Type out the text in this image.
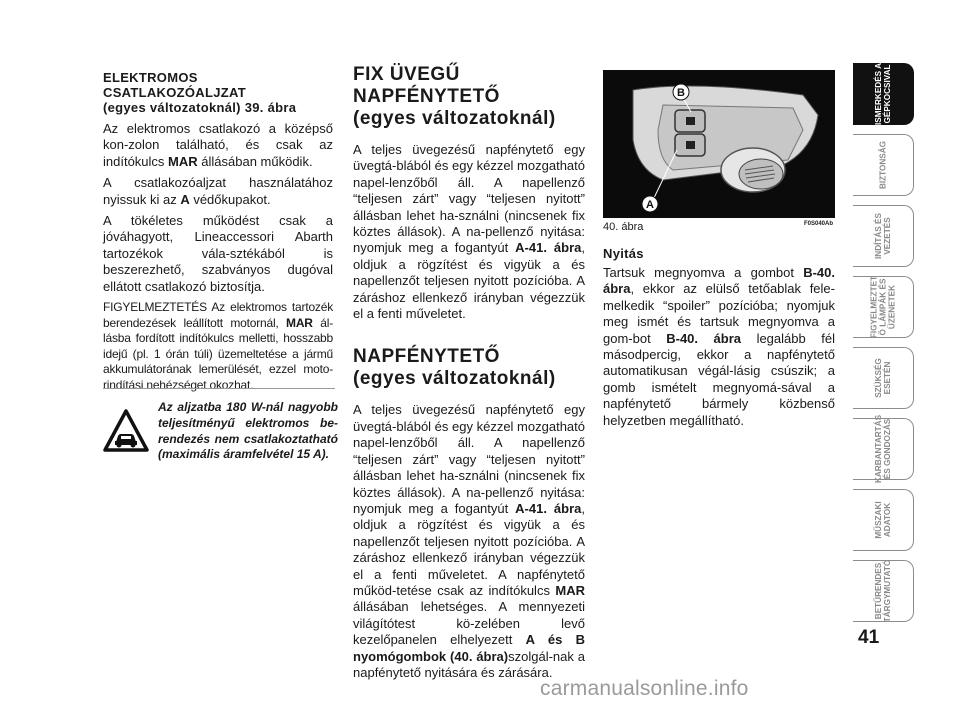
ELEKTROMOS
CSATLAKOZÓALJZAT
(egyes változatoknál) 39. ábra

Az elektromos csatlakozó a középső kon-zolon található, és csak az indítókulcs MAR állásában működik.

A csatlakozóaljzat használatához nyissuk ki az A védőkupakot.

A tökéletes működést csak a jóváhagyott, Lineaccessori Abarth tartozékok vála-sztékából is beszerezhető, szabványos dugóval ellátott csatlakozó biztosítja.

FIGYELMEZTETÉS Az elektromos tartozék berendezések leállított motornál, MAR ál-lásba fordított indítókulcs melletti, hosszabb idejű (pl. 1 órán túli) üzemeltetése a jármű akkumulátorának lemerülését, ezzel moto-rindítási nehézséget okozhat.

Az aljzatba 180 W-nál nagyobb teljesítményű elektromos be-rendezés nem csatlakoztatható (maximális áramfelvétel 15 A).
FIX ÜVEGŰ
NAPFÉNYTETŐ
(egyes változatoknál)

A teljes üvegezésű napfénytető egy üvegtá-blából és egy kézzel mozgatható napel-lenzőből áll. A napellenző “teljesen zárt” vagy “teljesen nyitott” állásban lehet ha-sználni (nincsenek fix köztes állások). A na-pellenző nyitása: nyomjuk meg a fogantyút A-41. ábra, oldjuk a rögzítést és vigyük a és napellenzőt teljesen nyitott pozícióba. A záráshoz ellenkező irányban végezzük el a fenti műveletet.

NAPFÉNYTETŐ
(egyes változatoknál)

A teljes üvegezésű napfénytető egy üvegtá-blából és egy kézzel mozgatható napel-lenzőből áll. A napellenző “teljesen zárt” vagy “teljesen nyitott” állásban lehet ha-sználni (nincsenek fix köztes állások). A na-pellenző nyitása: nyomjuk meg a fogantyút A-41. ábra, oldjuk a rögzítést és vigyük a és napellenzőt teljesen nyitott pozícióba. A záráshoz ellenkező irányban végezzük el a fenti műveletet. A napfénytető működ-tetése csak az indítókulcs MAR állásában lehetséges. A mennyezeti világítótest kö-zelében levő kezelőpanelen elhelyezett A és B nyomógombok (40. ábra)szolgál-nak a napfénytető nyitására és zárására.

B
A
40. ábra	F0S040Ab
Nyitás

Tartsuk megnyomva a gombot B-40. ábra, ekkor az elülső tetőablak fele-melkedik “spoiler” pozícióba; nyomjuk meg ismét és tartsuk megnyomva a gom-bot B-40. ábra legalább fél másodpercig, ekkor a napfénytető automatikusan végál-lásig csúszik; a gomb ismételt megnyomá-sával a napfénytető bármely közbenső helyzetben megállítható.

ISMERKEDÉS A
GÉPKOCSIVAL
BIZTONSÁG
INDÍTÁS ÉS
VEZETÉS
FIGYELMEZTET
Ö LÁMPÁK ÉS
ÜZENETEK
SZÜKSÉG
ESETÉN
KARBANTARTÁS
ÉS GONDOZÁS
MŰSZAKI
ADATOK
BETŰRENDES
TÁRGYMUTATÓ
41
carmanualsonline.info
